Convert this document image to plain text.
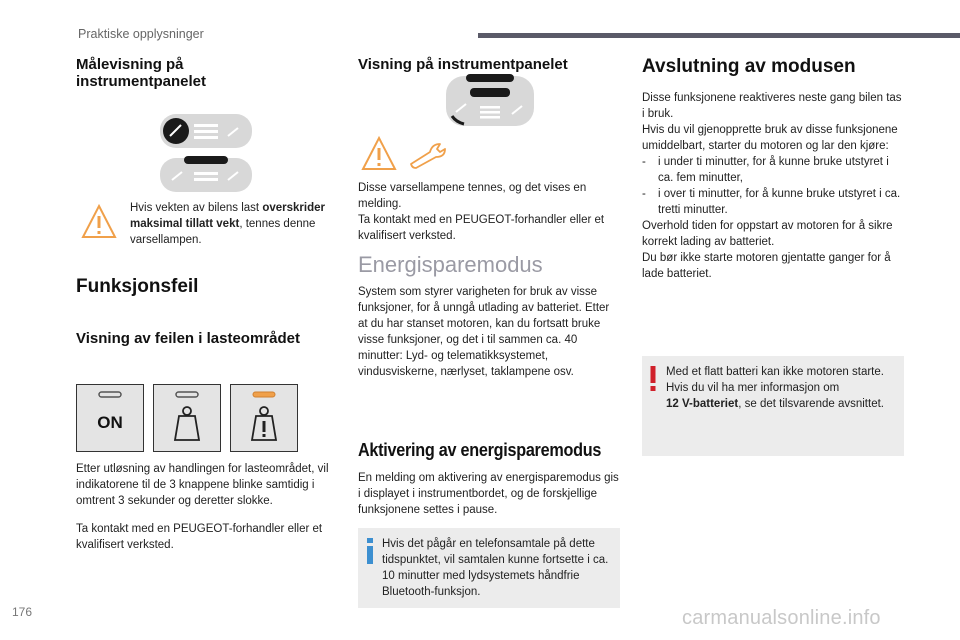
Praktiske opplysninger
Målevisning på instrumentpanelet

Hvis vekten av bilens last overskrider maksimal tillatt vekt, tennes denne varsellampen.

Funksjonsfeil
Visning av feilen i lasteområdet
ON

Etter utløsning av handlingen for lasteområdet, vil indikatorene til de 3 knappene blinke samtidig i omtrent 3 sekunder og deretter slokke.

Ta kontakt med en PEUGEOT-forhandler eller et kvalifisert verksted.

Visning på instrumentpanelet

Disse varsellampene tennes, og det vises en melding.

Ta kontakt med en PEUGEOT-forhandler eller et kvalifisert verksted.

Energisparemodus

System som styrer varigheten for bruk av visse funksjoner, for å unngå utlading av batteriet. Etter at du har stanset motoren, kan du fortsatt bruke visse funksjoner, og det i til sammen ca. 40 minutter: Lyd- og telematikksystemet, vindusviskerne, nærlyset, taklampene osv.

Aktivering av energisparemodus

En melding om aktivering av energisparemodus gis i displayet i instrumentbordet, og de forskjellige funksjonene settes i pause.

Hvis det pågår en telefonsamtale på dette tidspunktet, vil samtalen kunne fortsette i ca. 10 minutter med lydsystemets håndfrie Bluetooth-funksjon.

Avslutning av modusen

Disse funksjonene reaktiveres neste gang bilen tas i bruk.

Hvis du vil gjenopprette bruk av disse funksjonene umiddelbart, starter du motoren og lar den kjøre:

- i under ti minutter, for å kunne bruke utstyret i ca. fem minutter,

- i over ti minutter, for å kunne bruke utstyret i ca. tretti minutter.

Overhold tiden for oppstart av motoren for å sikre korrekt lading av batteriet.

Du bør ikke starte motoren gjentatte ganger for å lade batteriet.

Med et flatt batteri kan ikke motoren starte.

Hvis du vil ha mer informasjon om

12 V-batteriet, se det tilsvarende avsnittet.

176	carmanualsonline.info
